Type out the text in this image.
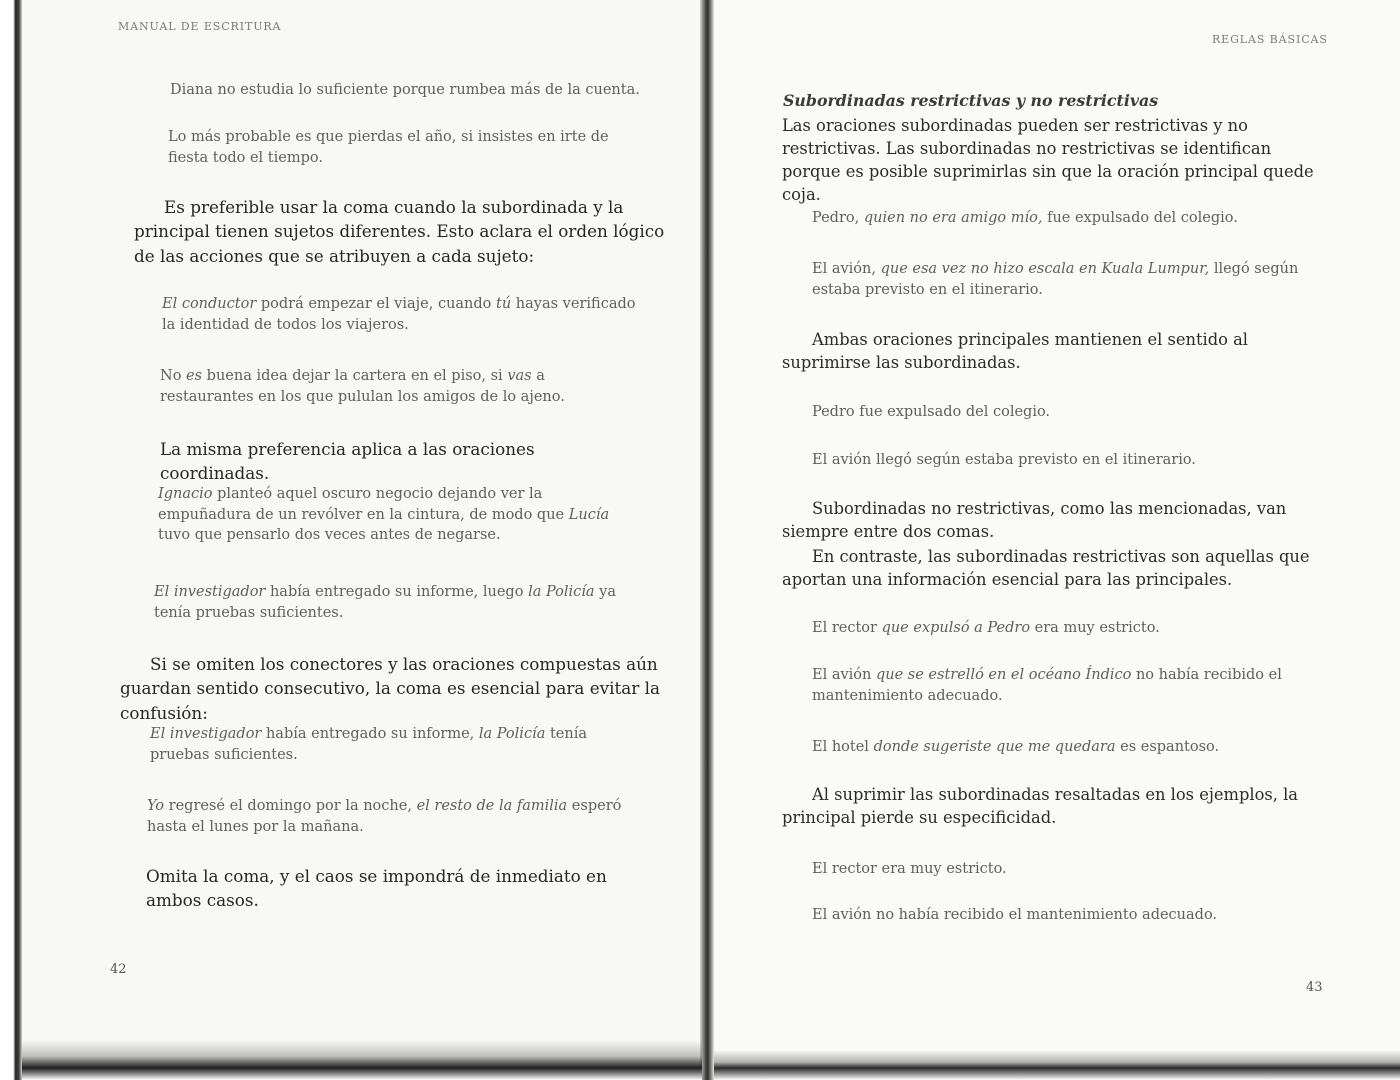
MANUAL DE ESCRITURA

Diana no estudia lo suficiente porque rumbea más de la cuenta.

Lo más probable es que pierdas el año, si insistes en irte de fiesta todo el tiempo.

Es preferible usar la coma cuando la subordinada y la principal tienen sujetos diferentes. Esto aclara el orden lógico de las acciones que se atribuyen a cada sujeto:

El conductor podrá empezar el viaje, cuando tú hayas verificado la identidad de todos los viajeros.

No es buena idea dejar la cartera en el piso, si vas a restaurantes en los que pululan los amigos de lo ajeno.

La misma preferencia aplica a las oraciones coordinadas.

Ignacio planteó aquel oscuro negocio dejando ver la empuñadura de un revólver en la cintura, de modo que Lucía tuvo que pensarlo dos veces antes de negarse.

El investigador había entregado su informe, luego la Policía ya tenía pruebas suficientes.

Si se omiten los conectores y las oraciones compuestas aún guardan sentido consecutivo, la coma es esencial para evitar la confusión:

El investigador había entregado su informe, la Policía tenía pruebas suficientes.

Yo regresé el domingo por la noche, el resto de la familia esperó hasta el lunes por la mañana.

Omita la coma, y el caos se impondrá de inmediato en ambos casos.

42
REGLAS BÁSICAS

Subordinadas restrictivas y no restrictivas

Las oraciones subordinadas pueden ser restrictivas y no restrictivas. Las subordinadas no restrictivas se identifican porque es posible suprimirlas sin que la oración principal quede coja.

Pedro, quien no era amigo mío, fue expulsado del colegio.

El avión, que esa vez no hizo escala en Kuala Lumpur, llegó según estaba previsto en el itinerario.

Ambas oraciones principales mantienen el sentido al suprimirse las subordinadas.

Pedro fue expulsado del colegio.

El avión llegó según estaba previsto en el itinerario.

Subordinadas no restrictivas, como las mencionadas, van siempre entre dos comas.

En contraste, las subordinadas restrictivas son aquellas que aportan una información esencial para las principales.

El rector que expulsó a Pedro era muy estricto.

El avión que se estrelló en el océano Índico no había recibido el mantenimiento adecuado.

El hotel donde sugeriste que me quedara es espantoso.

Al suprimir las subordinadas resaltadas en los ejemplos, la principal pierde su especificidad.

El rector era muy estricto.

El avión no había recibido el mantenimiento adecuado.

43
